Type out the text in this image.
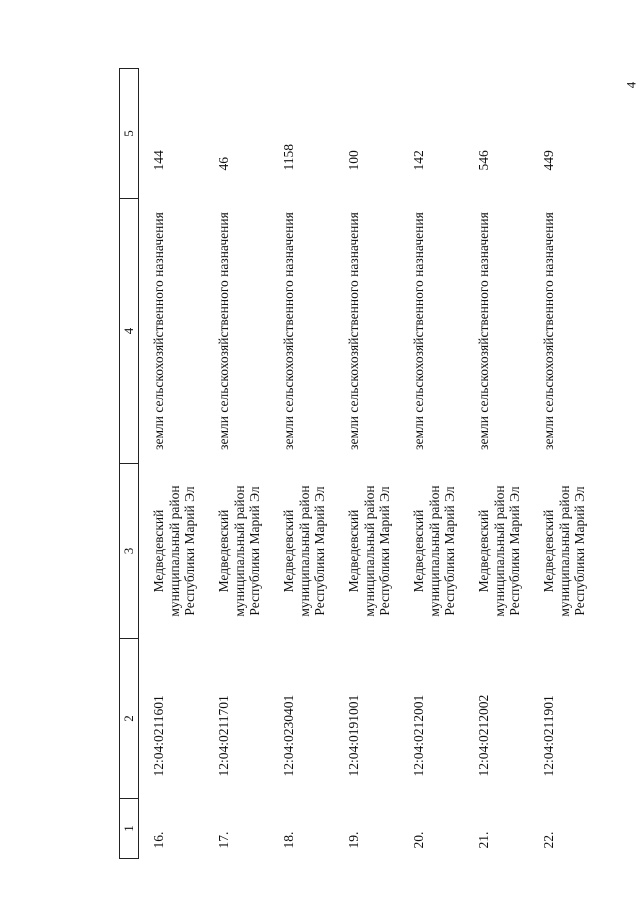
4
1	2	3	4	5
16.	12:04:0211601	Медведевский муниципальный район Республики Марий Эл	земли сельскохозяйственного назначения	144
17.	12:04:0211701	Медведевский муниципальный район Республики Марий Эл	земли сельскохозяйственного назначения	46
18.	12:04:0230401	Медведевский муниципальный район Республики Марий Эл	земли сельскохозяйственного назначения	1158
19.	12:04:0191001	Медведевский муниципальный район Республики Марий Эл	земли сельскохозяйственного назначения	100
20.	12:04:0212001	Медведевский муниципальный район Республики Марий Эл	земли сельскохозяйственного назначения	142
21.	12:04:0212002	Медведевский муниципальный район Республики Марий Эл	земли сельскохозяйственного назначения	546
22.	12:04:0211901	Медведевский муниципальный район Республики Марий Эл	земли сельскохозяйственного назначения	449
